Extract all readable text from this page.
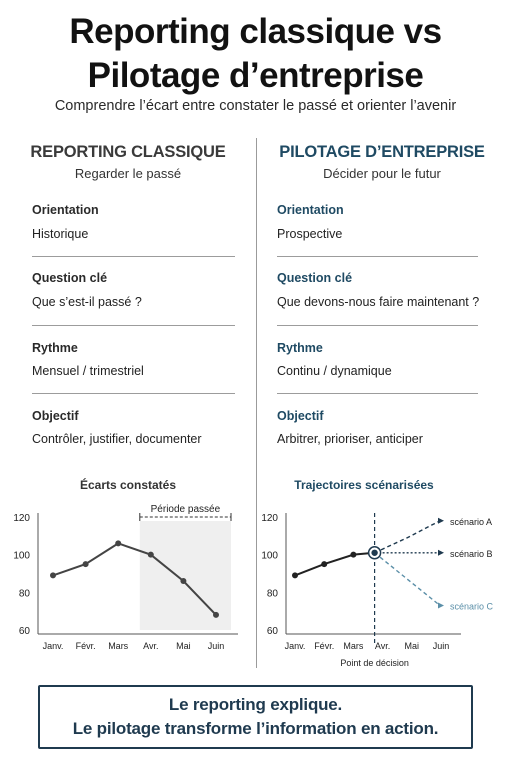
Reporting classique vs
Pilotage d’entreprise
Comprendre l’écart entre constater le passé et orienter l’avenir
REPORTING CLASSIQUE
Regarder le passé
Orientation
Historique
Question clé
Que s’est-il passé ?
Rythme
Mensuel / trimestriel
Objectif
Contrôler, justifier, documenter
Écarts constatés
PILOTAGE D’ENTREPRISE
Décider pour le futur
Orientation
Prospective
Question clé
Que devons-nous faire maintenant ?
Rythme
Continu / dynamique
Objectif
Arbitrer, prioriser, anticiper
Trajectoires scénarisées
Période passée
60
80
100
120
Janv. Févr. Mars Avr. Mai Juin
60
80
100
120
Janv. Févr. Mars Avr. Mai Juin
Point de décision
scénario A
scénario B
scénario C
Le reporting explique.
Le pilotage transforme l’information en action.
